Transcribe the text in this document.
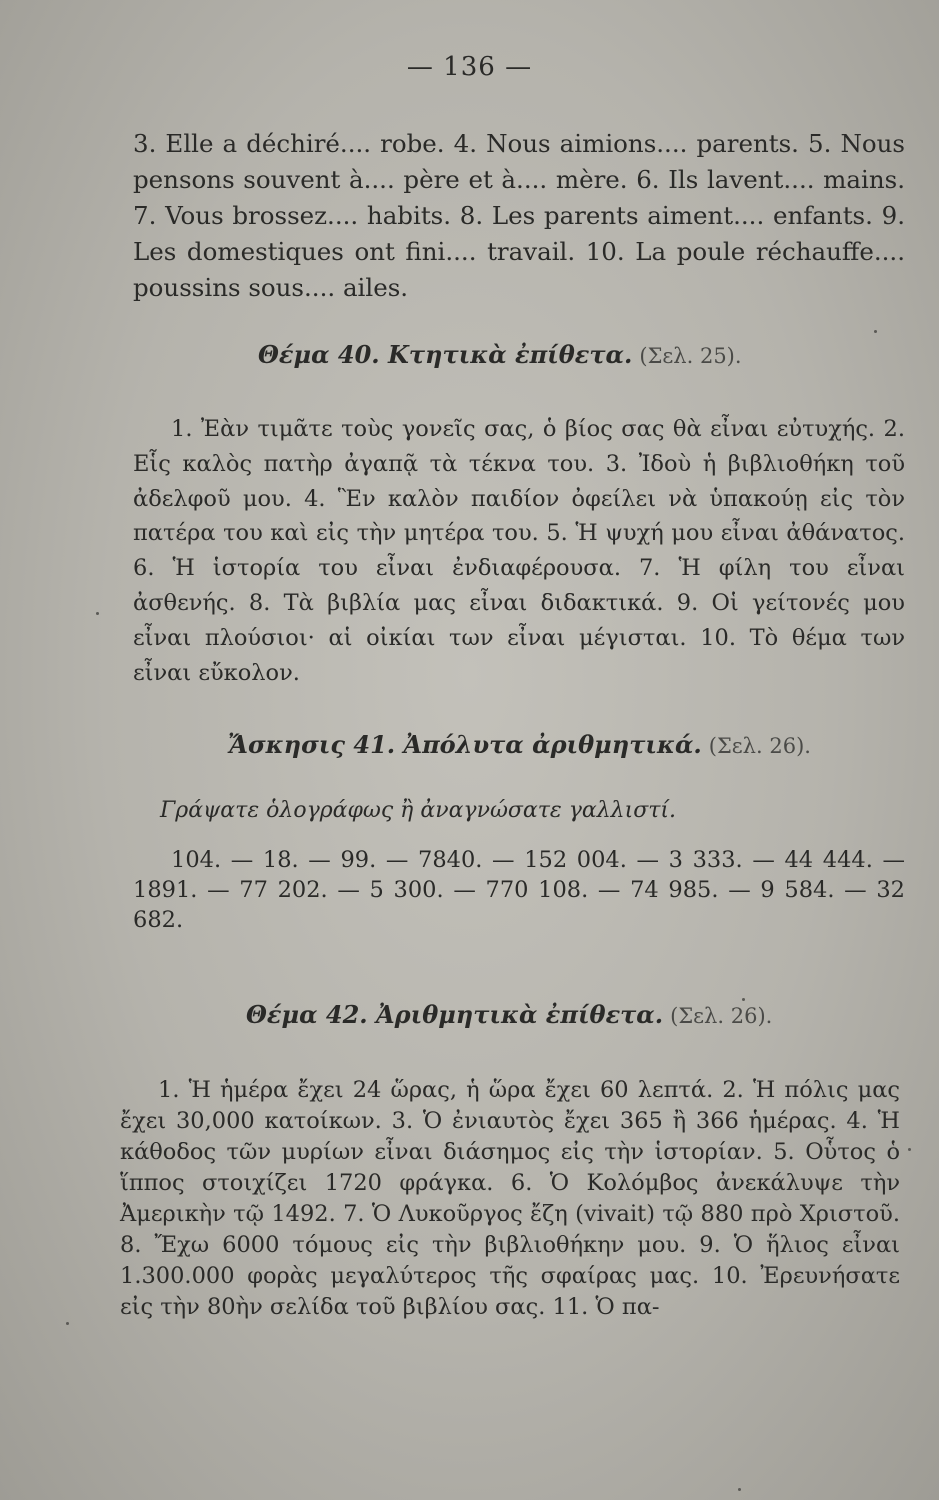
— 136 —

3. Elle a déchiré.... robe. 4. Nous aimions.... parents. 5. Nous pensons souvent à.... père et à.... mère. 6. Ils lavent.... mains. 7. Vous brossez.... habits. 8. Les parents aiment.... enfants. 9. Les domestiques ont fini.... travail. 10. La poule réchauffe.... poussins sous.... ailes.

Θέμα 40. Κτητικὰ ἐπίθετα. (Σελ. 25).

1. Ἐὰν τιμᾶτε τοὺς γονεῖς σας, ὁ βίος σας θὰ εἶναι εὐτυχής. 2. Εἷς καλὸς πατὴρ ἀγαπᾷ τὰ τέκνα του. 3. Ἰδοὺ ἡ βιβλιοθήκη τοῦ ἀδελφοῦ μου. 4. Ἓν καλὸν παιδίον ὀφείλει νὰ ὑπακούῃ εἰς τὸν πατέρα του καὶ εἰς τὴν μητέρα του. 5. Ἡ ψυχή μου εἶναι ἀθάνατος. 6. Ἡ ἱστορία του εἶναι ἐνδιαφέρουσα. 7. Ἡ φίλη του εἶναι ἀσθενής. 8. Τὰ βιβλία μας εἶναι διδακτικά. 9. Οἱ γείτονές μου εἶναι πλούσιοι· αἱ οἰκίαι των εἶναι μέγισται. 10. Τὸ θέμα των εἶναι εὔκολον.

Ἄσκησις 41. Ἀπόλυτα ἀριθμητικά. (Σελ. 26).
Γράψατε ὁλογράφως ἢ ἀναγνώσατε γαλλιστί.

104. — 18. — 99. — 7840. — 152 004. — 3 333. — 44 444. — 1891. — 77 202. — 5 300. — 770 108. — 74 985. — 9 584. — 32 682.

Θέμα 42. Ἀριθμητικὰ ἐπίθετα. (Σελ. 26).

1. Ἡ ἡμέρα ἔχει 24 ὥρας, ἡ ὥρα ἔχει 60 λεπτά. 2. Ἡ πόλις μας ἔχει 30,000 κατοίκων. 3. Ὁ ἐνιαυτὸς ἔχει 365 ἢ 366 ἡμέρας. 4. Ἡ κάθοδος τῶν μυρίων εἶναι διάσημος εἰς τὴν ἱστορίαν. 5. Οὗτος ὁ ἵππος στοιχίζει 1720 φράγκα. 6. Ὁ Κολόμβος ἀνεκάλυψε τὴν Ἀμερικὴν τῷ 1492. 7. Ὁ Λυκοῦργος ἔζη (vivait) τῷ 880 πρὸ Χριστοῦ. 8. Ἔχω 6000 τόμους εἰς τὴν βιβλιοθήκην μου. 9. Ὁ ἥλιος εἶναι 1.300.000 φορὰς μεγαλύτερος τῆς σφαίρας μας. 10. Ἐρευνήσατε εἰς τὴν 80ὴν σελίδα τοῦ βιβλίου σας. 11. Ὁ πα-
